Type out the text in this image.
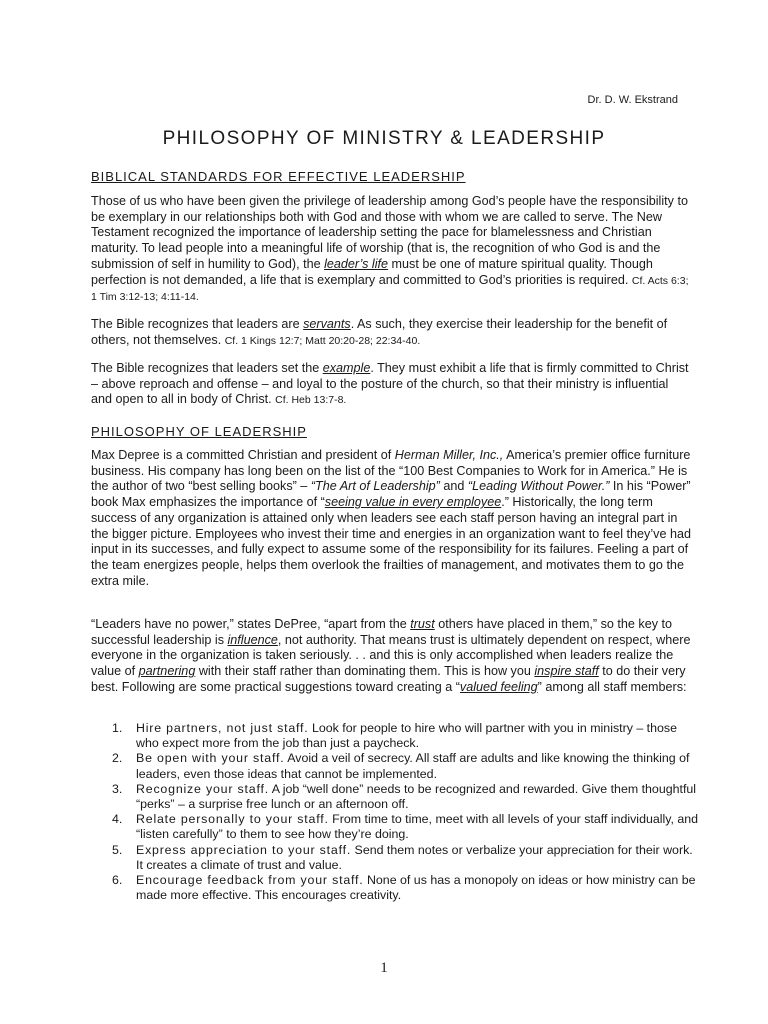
Dr. D. W. Ekstrand
PHILOSOPHY OF MINISTRY & LEADERSHIP
BIBLICAL STANDARDS FOR EFFECTIVE LEADERSHIP

Those of us who have been given the privilege of leadership among God’s people have the responsibility to be exemplary in our relationships both with God and those with whom we are called to serve. The New Testament recognized the importance of leadership setting the pace for blamelessness and Christian maturity. To lead people into a meaningful life of worship (that is, the recognition of who God is and the submission of self in humility to God), the leader’s life must be one of mature spiritual quality. Though perfection is not demanded, a life that is exemplary and committed to God’s priorities is required. Cf. Acts 6:3; 1 Tim 3:12-13; 4:11-14.

The Bible recognizes that leaders are servants. As such, they exercise their leadership for the benefit of others, not themselves. Cf. 1 Kings 12:7; Matt 20:20-28; 22:34-40.

The Bible recognizes that leaders set the example. They must exhibit a life that is firmly committed to Christ – above reproach and offense – and loyal to the posture of the church, so that their ministry is influential and open to all in body of Christ. Cf. Heb 13:7-8.

PHILOSOPHY OF LEADERSHIP

Max Depree is a committed Christian and president of Herman Miller, Inc., America’s premier office furniture business. His company has long been on the list of the “100 Best Companies to Work for in America.” He is the author of two “best selling books” – “The Art of Leadership” and “Leading Without Power.” In his “Power” book Max emphasizes the importance of “seeing value in every employee.” Historically, the long term success of any organization is attained only when leaders see each staff person having an integral part in the bigger picture. Employees who invest their time and energies in an organization want to feel they’ve had input in its successes, and fully expect to assume some of the responsibility for its failures. Feeling a part of the team energizes people, helps them overlook the frailties of management, and motivates them to go the extra mile.

“Leaders have no power,” states DePree, “apart from the trust others have placed in them,” so the key to successful leadership is influence, not authority. That means trust is ultimately dependent on respect, where everyone in the organization is taken seriously. . . and this is only accomplished when leaders realize the value of partnering with their staff rather than dominating them. This is how you inspire staff to do their very best. Following are some practical suggestions toward creating a “valued feeling” among all staff members:

1.	Hire partners, not just staff. Look for people to hire who will partner with you in ministry – those who expect more from the job than just a paycheck.
2.	Be open with your staff. Avoid a veil of secrecy. All staff are adults and like knowing the thinking of leaders, even those ideas that cannot be implemented.
3.	Recognize your staff. A job “well done” needs to be recognized and rewarded. Give them thoughtful “perks” – a surprise free lunch or an afternoon off.
4.	Relate personally to your staff. From time to time, meet with all levels of your staff individually, and “listen carefully” to them to see how they’re doing.
5.	Express appreciation to your staff. Send them notes or verbalize your appreciation for their work. It creates a climate of trust and value.
6.	Encourage feedback from your staff. None of us has a monopoly on ideas or how ministry can be made more effective. This encourages creativity.
1
